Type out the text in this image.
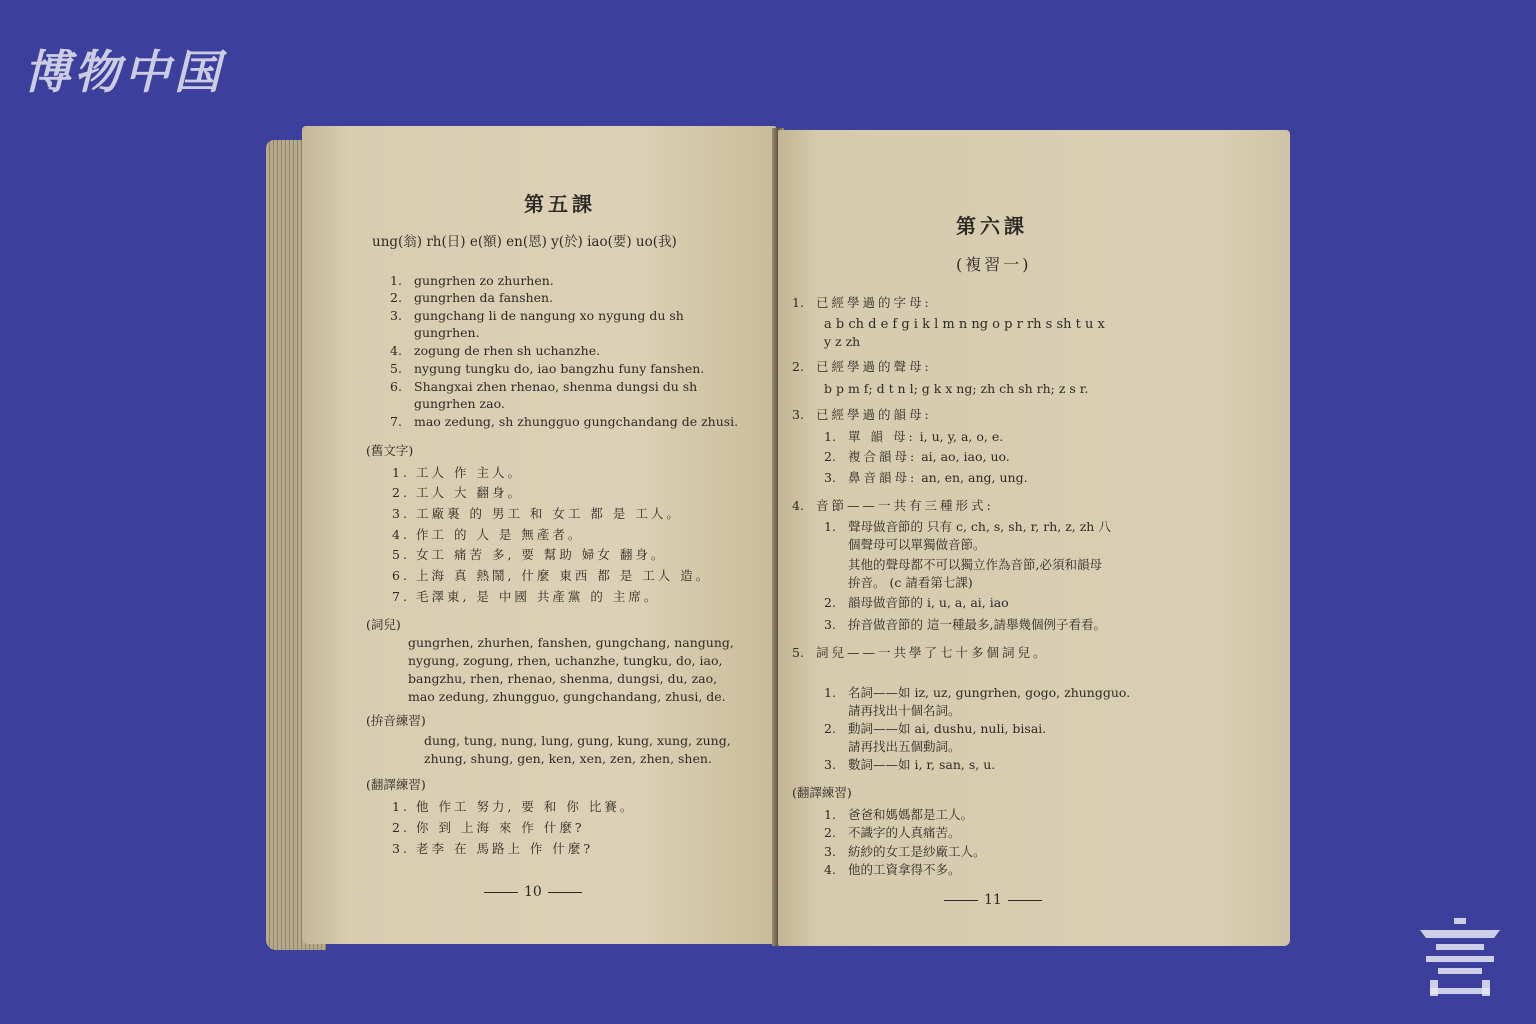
博物中国
第五課
ung(翁) rh(日) e(額) en(恩) y(於) iao(要) uo(我)
1. gungrhen zo zhurhen.
2. gungrhen da fanshen.
3. gungchang li de nangung xo nygung du sh
gungrhen.
4. zogung de rhen sh uchanzhe.
5. nygung tungku do, iao bangzhu funy fanshen.
6. Shangxai zhen rhenao, shenma dungsi du sh
gungrhen zao.
7. mao zedung, sh zhungguo gungchandang de zhusi.
(舊文字)
1. 工人 作 主人。
2. 工人 大 翻身。
3. 工廠裏 的 男工 和 女工 都 是 工人。
4. 作工 的 人 是 無產者。
5. 女工 痛苦 多, 要 幫助 婦女 翻身。
6. 上海 真 熱鬧, 什麼 東西 都 是 工人 造。
7. 毛澤東, 是 中國 共產黨 的 主席。
(詞兒)
gungrhen, zhurhen, fanshen, gungchang, nangung,
nygung, zogung, rhen, uchanzhe, tungku, do, iao,
bangzhu, rhen, rhenao, shenma, dungsi, du, zao,
mao zedung, zhungguo, gungchandang, zhusi, de.
(拚音練習)
dung, tung, nung, lung, gung, kung, xung, zung,
zhung, shung, gen, ken, xen, zen, zhen, shen.
(翻譯練習)
1. 他 作工 努力, 要 和 你 比賽。
2. 你 到 上海 來 作 什麼?
3. 老李 在 馬路上 作 什麼?
10
第六課
(複習一)
1. 已經學過的字母:
a b ch d e f g i k l m n ng o p r rh s sh t u x
y z zh
2. 已經學過的聲母:
b p m f; d t n l; g k x ng; zh ch sh rh; z s r.
3. 已經學過的韻母:
1. 單 韻 母: i, u, y, a, o, e.
2. 複合韻母: ai, ao, iao, uo.
3. 鼻音韻母: an, en, ang, ung.
4. 音節——一共有三種形式:
1. 聲母做音節的 只有 c, ch, s, sh, r, rh, z, zh 八
個聲母可以單獨做音節。
其他的聲母都不可以獨立作為音節,必須和韻母
拚音。 (c 請看第七課)
2. 韻母做音節的 i, u, a, ai, iao
3. 拚音做音節的 這一種最多,請舉幾個例子看看。
5. 詞兒——一共學了七十多個詞兒。
1. 名詞——如 iz, uz, gungrhen, gogo, zhungguo.
請再找出十個名詞。
2. 動詞——如 ai, dushu, nuli, bisai.
請再找出五個動詞。
3. 數詞——如 i, r, san, s, u.
(翻譯練習)
1. 爸爸和媽媽都是工人。
2. 不識字的人真痛苦。
3. 紡紗的女工是紗廠工人。
4. 他的工資拿得不多。
11
